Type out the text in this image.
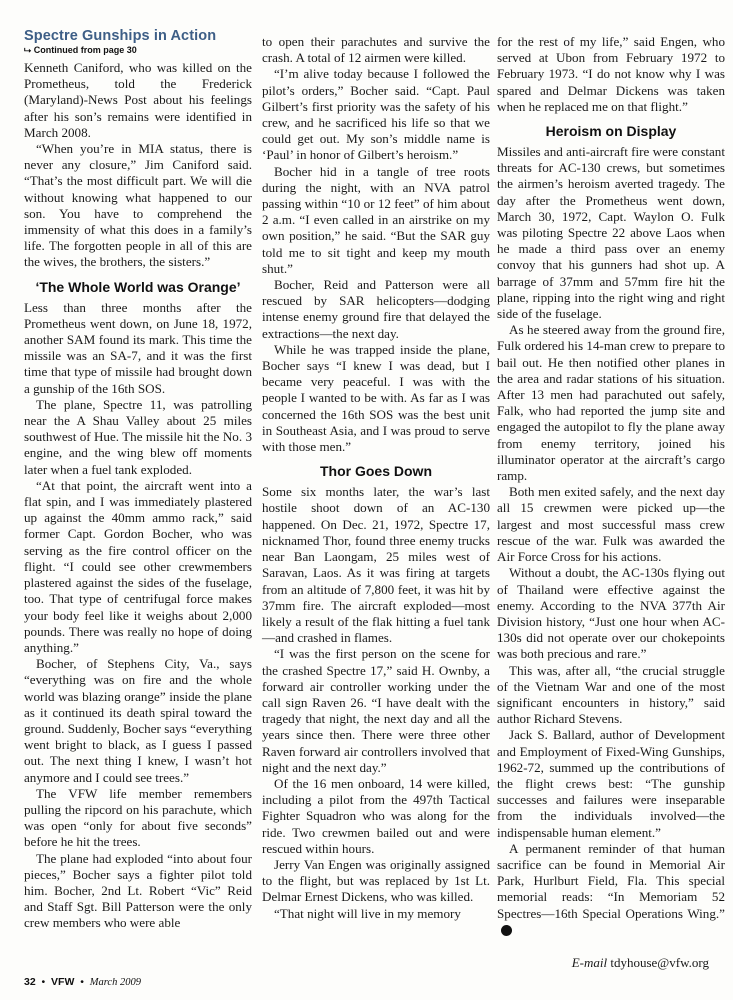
Spectre Gunships in Action
⮡ Continued from page 30

Kenneth Caniford, who was killed on the Prometheus, told the Frederick (Maryland)-News Post about his feelings after his son’s remains were identified in March 2008.

“When you’re in MIA status, there is never any closure,” Jim Caniford said. “That’s the most difficult part. We will die without knowing what happened to our son. You have to comprehend the immensity of what this does in a family’s life. The forgotten people in all of this are the wives, the brothers, the sisters.”

‘The Whole World was Orange’

Less than three months after the Prometheus went down, on June 18, 1972, another SAM found its mark. This time the missile was an SA-7, and it was the first time that type of missile had brought down a gunship of the 16th SOS.

The plane, Spectre 11, was patrolling near the A Shau Valley about 25 miles southwest of Hue. The missile hit the No. 3 engine, and the wing blew off moments later when a fuel tank exploded.

“At that point, the aircraft went into a flat spin, and I was immediately plastered up against the 40mm ammo rack,” said former Capt. Gordon Bocher, who was serving as the fire control officer on the flight. “I could see other crewmembers plastered against the sides of the fuselage, too. That type of centrifugal force makes your body feel like it weighs about 2,000 pounds. There was really no hope of doing anything.”

Bocher, of Stephens City, Va., says “everything was on fire and the whole world was blazing orange” inside the plane as it continued its death spiral toward the ground. Suddenly, Bocher says “everything went bright to black, as I guess I passed out. The next thing I knew, I wasn’t hot anymore and I could see trees.”

The VFW life member remembers pulling the ripcord on his parachute, which was open “only for about five seconds” before he hit the trees.

The plane had exploded “into about four pieces,” Bocher says a fighter pilot told him. Bocher, 2nd Lt. Robert “Vic” Reid and Staff Sgt. Bill Patterson were the only crew members who were able

to open their parachutes and survive the crash. A total of 12 airmen were killed.

“I’m alive today because I followed the pilot’s orders,” Bocher said. “Capt. Paul Gilbert’s first priority was the safety of his crew, and he sacrificed his life so that we could get out. My son’s middle name is ‘Paul’ in honor of Gilbert’s heroism.”

Bocher hid in a tangle of tree roots during the night, with an NVA patrol passing within “10 or 12 feet” of him about 2 a.m. “I even called in an airstrike on my own position,” he said. “But the SAR guy told me to sit tight and keep my mouth shut.”

Bocher, Reid and Patterson were all rescued by SAR helicopters—dodging intense enemy ground fire that delayed the extractions—the next day.

While he was trapped inside the plane, Bocher says “I knew I was dead, but I became very peaceful. I was with the people I wanted to be with. As far as I was concerned the 16th SOS was the best unit in Southeast Asia, and I was proud to serve with those men.”

Thor Goes Down

Some six months later, the war’s last hostile shoot down of an AC-130 happened. On Dec. 21, 1972, Spectre 17, nicknamed Thor, found three enemy trucks near Ban Laongam, 25 miles west of Saravan, Laos. As it was firing at targets from an altitude of 7,800 feet, it was hit by 37mm fire. The aircraft exploded—most likely a result of the flak hitting a fuel tank—and crashed in flames.

“I was the first person on the scene for the crashed Spectre 17,” said H. Ownby, a forward air controller working under the call sign Raven 26. “I have dealt with the tragedy that night, the next day and all the years since then. There were three other Raven forward air controllers involved that night and the next day.”

Of the 16 men onboard, 14 were killed, including a pilot from the 497th Tactical Fighter Squadron who was along for the ride. Two crewmen bailed out and were rescued within hours.

Jerry Van Engen was originally assigned to the flight, but was replaced by 1st Lt. Delmar Ernest Dickens, who was killed.

“That night will live in my memory

for the rest of my life,” said Engen, who served at Ubon from February 1972 to February 1973. “I do not know why I was spared and Delmar Dickens was taken when he replaced me on that flight.”

Heroism on Display

Missiles and anti-aircraft fire were constant threats for AC-130 crews, but sometimes the airmen’s heroism averted tragedy. The day after the Prometheus went down, March 30, 1972, Capt. Waylon O. Fulk was piloting Spectre 22 above Laos when he made a third pass over an enemy convoy that his gunners had shot up. A barrage of 37mm and 57mm fire hit the plane, ripping into the right wing and right side of the fuselage.

As he steered away from the ground fire, Fulk ordered his 14-man crew to prepare to bail out. He then notified other planes in the area and radar stations of his situation. After 13 men had parachuted out safely, Falk, who had reported the jump site and engaged the autopilot to fly the plane away from enemy territory, joined his illuminator operator at the aircraft’s cargo ramp.

Both men exited safely, and the next day all 15 crewmen were picked up—the largest and most successful mass crew rescue of the war. Fulk was awarded the Air Force Cross for his actions.

Without a doubt, the AC-130s flying out of Thailand were effective against the enemy. According to the NVA 377th Air Division history, “Just one hour when AC-130s did not operate over our chokepoints was both precious and rare.”

This was, after all, “the crucial struggle of the Vietnam War and one of the most significant encounters in history,” said author Richard Stevens.

Jack S. Ballard, author of Development and Employment of Fixed-Wing Gunships, 1962-72, summed up the contributions of the flight crews best: “The gunship successes and failures were inseparable from the individuals involved—the indispensable human element.”

A permanent reminder of that human sacrifice can be found in Memorial Air Park, Hurlburt Field, Fla. This special memorial reads: “In Memoriam 52 Spectres—16th Special Operations Wing.”✱

E-mail tdyhouse@vfw.org
32  •  VFW  •  March 2009
